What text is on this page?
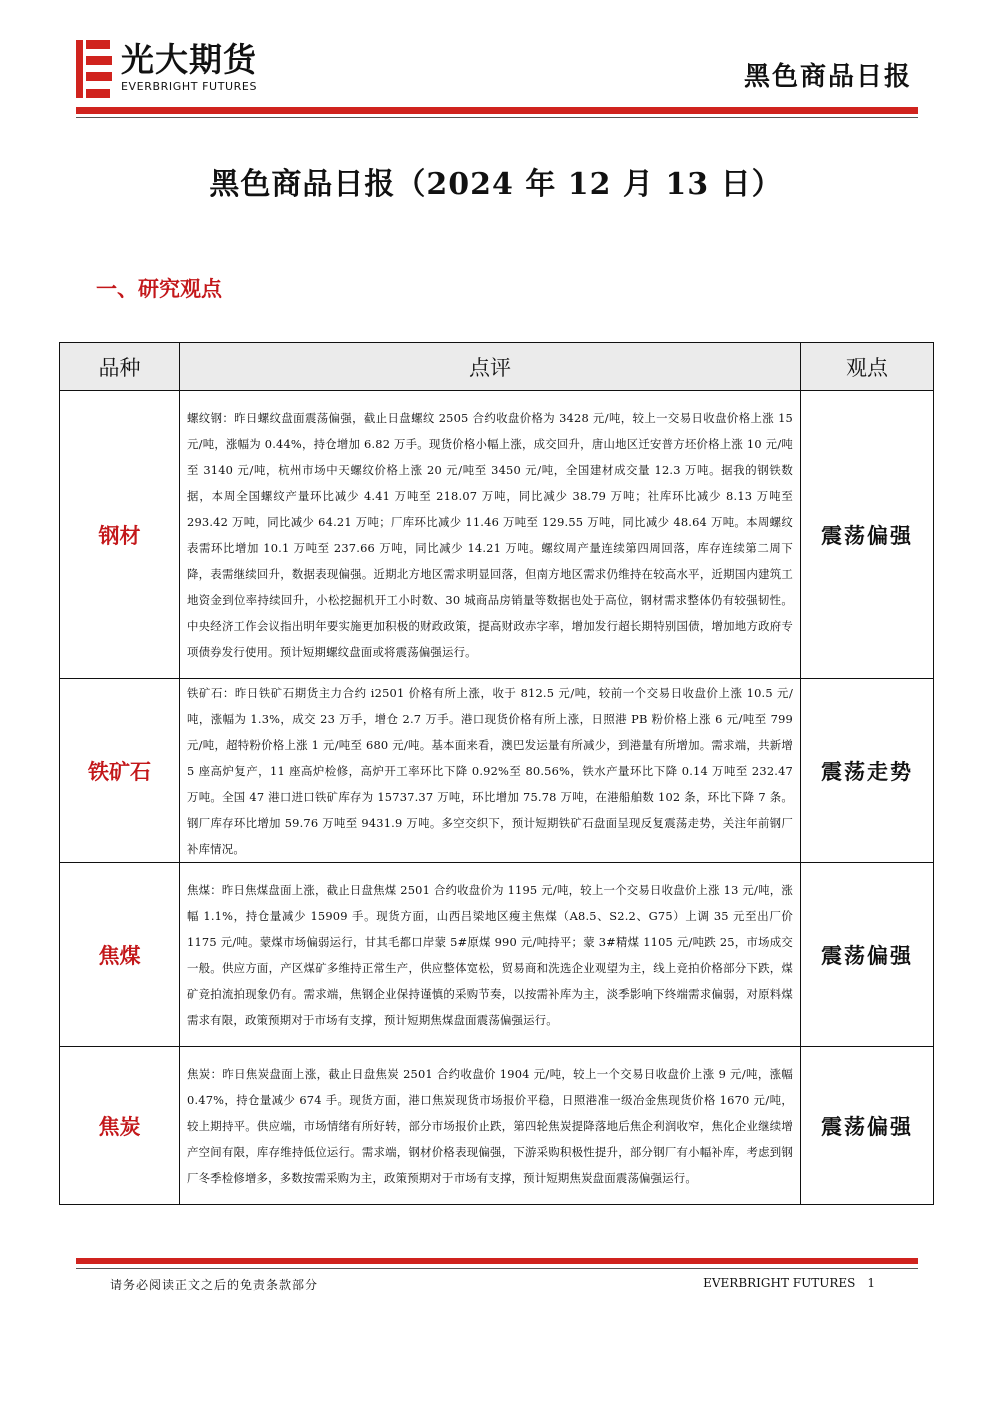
光大期货
EVERBRIGHT FUTURES	黑色商品日报
黑色商品日报（2024 年 12 月 13 日）
一、研究观点
品种	点评	观点
钢材	螺纹钢：昨日螺纹盘面震荡偏强，截止日盘螺纹 2505 合约收盘价格为 3428 元/吨，较上一交易日收盘价格上涨 15 元/吨，涨幅为 0.44%，持仓增加 6.82 万手。现货价格小幅上涨，成交回升，唐山地区迁安普方坯价格上涨 10 元/吨至 3140 元/吨，杭州市场中天螺纹价格上涨 20 元/吨至 3450 元/吨，全国建材成交量 12.3 万吨。据我的钢铁数据，本周全国螺纹产量环比减少 4.41 万吨至 218.07 万吨，同比减少 38.79 万吨；社库环比减少 8.13 万吨至 293.42 万吨，同比减少 64.21 万吨；厂库环比减少 11.46 万吨至 129.55 万吨，同比减少 48.64 万吨。本周螺纹表需环比增加 10.1 万吨至 237.66 万吨，同比减少 14.21 万吨。螺纹周产量连续第四周回落，库存连续第二周下降，表需继续回升，数据表现偏强。近期北方地区需求明显回落，但南方地区需求仍维持在较高水平，近期国内建筑工地资金到位率持续回升，小松挖掘机开工小时数、30 城商品房销量等数据也处于高位，钢材需求整体仍有较强韧性。中央经济工作会议指出明年要实施更加积极的财政政策，提高财政赤字率，增加发行超长期特别国债，增加地方政府专项债券发行使用。预计短期螺纹盘面或将震荡偏强运行。	震荡偏强
铁矿石	铁矿石：昨日铁矿石期货主力合约 i2501 价格有所上涨，收于 812.5 元/吨，较前一个交易日收盘价上涨 10.5 元/吨，涨幅为 1.3%，成交 23 万手，增仓 2.7 万手。港口现货价格有所上涨，日照港 PB 粉价格上涨 6 元/吨至 799 元/吨，超特粉价格上涨 1 元/吨至 680 元/吨。基本面来看，澳巴发运量有所减少，到港量有所增加。需求端，共新增 5 座高炉复产，11 座高炉检修，高炉开工率环比下降 0.92%至 80.56%，铁水产量环比下降 0.14 万吨至 232.47 万吨。全国 47 港口进口铁矿库存为 15737.37 万吨，环比增加 75.78 万吨，在港船舶数 102 条，环比下降 7 条。钢厂库存环比增加 59.76 万吨至 9431.9 万吨。多空交织下，预计短期铁矿石盘面呈现反复震荡走势，关注年前钢厂补库情况。	震荡走势
焦煤	焦煤：昨日焦煤盘面上涨，截止日盘焦煤 2501 合约收盘价为 1195 元/吨，较上一个交易日收盘价上涨 13 元/吨，涨幅 1.1%，持仓量减少 15909 手。现货方面，山西吕梁地区瘦主焦煤（A8.5、S2.2、G75）上调 35 元至出厂价 1175 元/吨。蒙煤市场偏弱运行，甘其毛都口岸蒙 5#原煤 990 元/吨持平；蒙 3#精煤 1105 元/吨跌 25，市场成交一般。供应方面，产区煤矿多维持正常生产，供应整体宽松，贸易商和洗选企业观望为主，线上竞拍价格部分下跌，煤矿竞拍流拍现象仍有。需求端，焦钢企业保持谨慎的采购节奏，以按需补库为主，淡季影响下终端需求偏弱，对原料煤需求有限，政策预期对于市场有支撑，预计短期焦煤盘面震荡偏强运行。	震荡偏强
焦炭	焦炭：昨日焦炭盘面上涨，截止日盘焦炭 2501 合约收盘价 1904 元/吨，较上一个交易日收盘价上涨 9 元/吨，涨幅 0.47%，持仓量减少 674 手。现货方面，港口焦炭现货市场报价平稳，日照港准一级冶金焦现货价格 1670 元/吨，较上期持平。供应端，市场情绪有所好转，部分市场报价止跌，第四轮焦炭提降落地后焦企利润收窄，焦化企业继续增产空间有限，库存维持低位运行。需求端，钢材价格表现偏强，下游采购积极性提升，部分钢厂有小幅补库，考虑到钢厂冬季检修增多，多数按需采购为主，政策预期对于市场有支撑，预计短期焦炭盘面震荡偏强运行。	震荡偏强
请务必阅读正文之后的免责条款部分	EVERBRIGHT FUTURES 1
